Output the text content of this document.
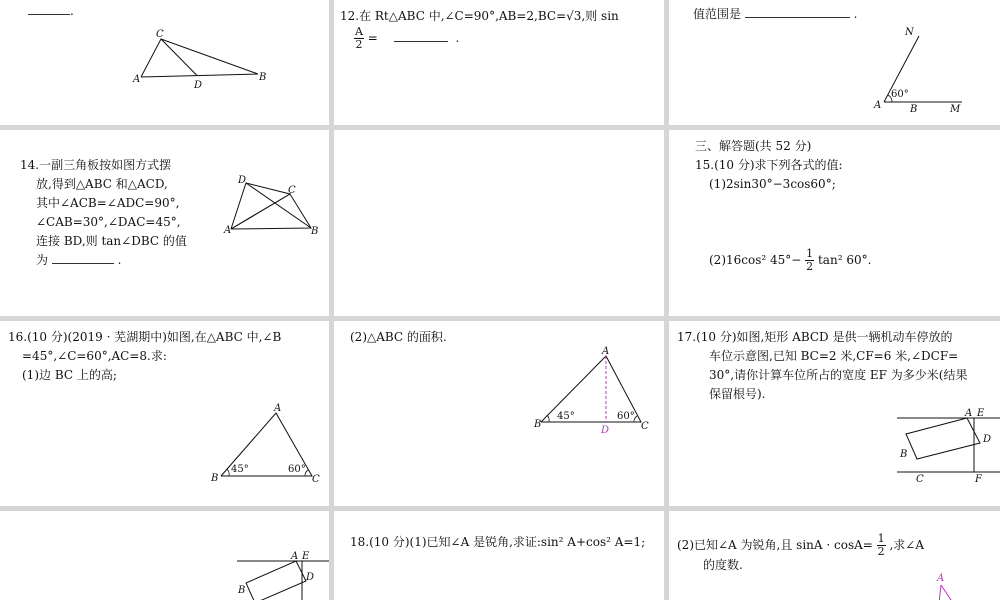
.
C
A
D
B
12.在 Rt△ABC 中,∠C=90°,AB=2,BC=√3,则 sin
$\frac{A}{2}$ =	.
值范围是	.
N
60°
A	B	M
14.一副三角板按如图方式摆
放,得到△ABC 和△ACD,
其中∠ACB=∠ADC=90°,
∠CAB=30°,∠DAC=45°,
连接 BD,则 tan∠DBC 的值
为	.
D
C
A	B
三、解答题(共 52 分)
15.(10 分)求下列各式的值:
(1)2sin30°−3cos60°;
(2)16cos² $45^\circ- \frac{1}{2} \tan^2$ 60°.
16.(10 分)(2019 · 芜湖期中)如图,在△ABC 中,∠B
=45°,∠C=60°,AC=8.求:
(1)边 BC 上的高;
A
B
45°	60°
C
(2)△ABC 的面积.
A
B
45°	60°
C
D
17.(10 分)如图,矩形 ABCD 是供一辆机动车停放的
车位示意图,已知 BC=2 米,CF=6 米,∠DCF=
30°,请你计算车位所占的宽度 EF 为多少米(结果
保留根号).
A E
D
B
C	F
A E
D
B
18.(10 分)(1)已知∠A 是锐角,求证:sin² A+cos² A=1;	(2)已知∠A 为锐角,且 $\sin A \cdot \cos A= \frac{1}{2}$ ,求∠A
的度数.
A
